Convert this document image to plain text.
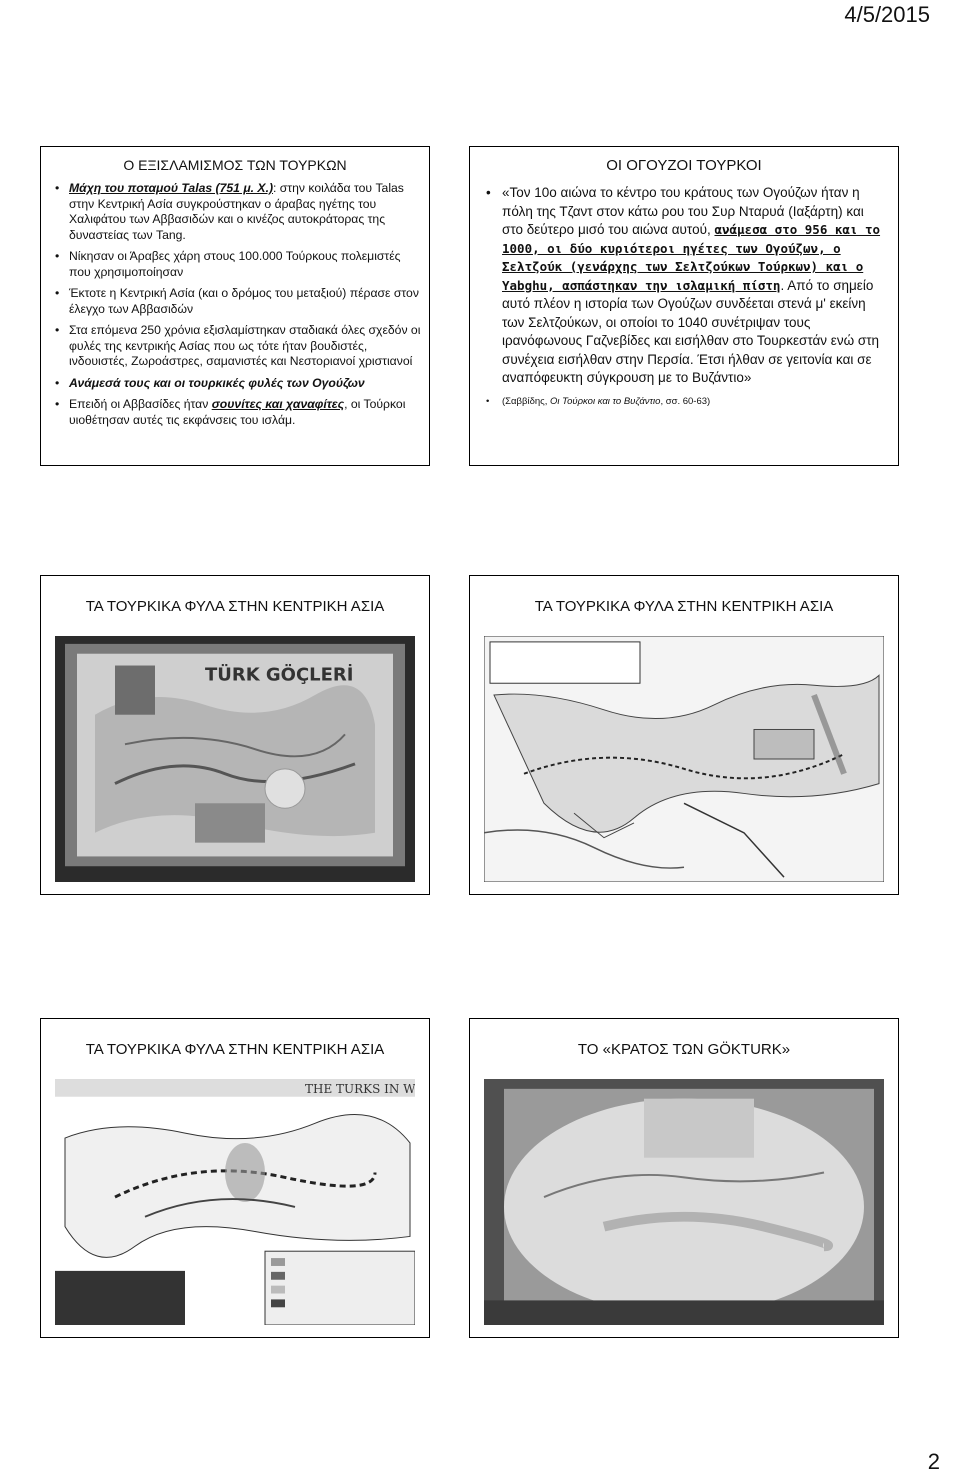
4/5/2015
Ο ΕΞΙΣΛΑΜΙΣΜΟΣ ΤΩΝ ΤΟΥΡΚΩΝ
• Μάχη του ποταμού Talas (751 μ. Χ.): στην κοιλάδα του Talas στην Κεντρική Ασία συγκρούστηκαν ο άραβας ηγέτης του Χαλιφάτου των Αββασιδών και ο κινέζος αυτοκράτορας της δυναστείας των Tang.
• Νίκησαν οι Άραβες χάρη στους 100.000 Τούρκους πολεμιστές που χρησιμοποίησαν
• Έκτοτε η Κεντρική Ασία (και ο δρόμος του μεταξιού) πέρασε στον έλεγχο των Αββασιδών
• Στα επόμενα 250 χρόνια εξισλαμίστηκαν σταδιακά όλες σχεδόν οι φυλές της κεντρικής Ασίας που ως τότε ήταν βουδιστές, ινδουιστές, Ζωροάστρες, σαμανιστές και Νεστοριανοί χριστιανοί
• Ανάμεσά τους και οι τουρκικές φυλές των Ογούζων
• Επειδή οι Αββασίδες ήταν σουνίτες και χαναφίτες, οι Τούρκοι υιοθέτησαν αυτές τις εκφάνσεις του ισλάμ.
ΟΙ ΟΓΟΥΖΟΙ ΤΟΥΡΚΟΙ
• «Τον 10ο αιώνα το κέντρο του κράτους των Ογούζων ήταν η πόλη της Τζαντ στον κάτω ρου του Συρ Νταρυά (Ιαξάρτη) και στο δεύτερο μισό του αιώνα αυτού, ανάμεσα στο 956 και το 1000, οι δύο κυριότεροι ηγέτες των Ογούζων, ο Σελτζούκ (γενάρχης των Σελτζούκων Τούρκων) και ο Yabghu, ασπάστηκαν την ισλαμική πίστη. Από το σημείο αυτό πλέον η ιστορία των Ογούζων συνδέεται στενά μ' εκείνη των Σελτζούκων, οι οποίοι το 1040 συνέτριψαν τους ιρανόφωνους Γαζνεβίδες και εισήλθαν στο Τουρκεστάν ενώ στη συνέχεια εισήλθαν στην Περσία. Έτσι ήλθαν σε γειτονία και σε αναπόφευκτη σύγκρουση με το Βυζάντιο»
• (Σαββίδης, Οι Τούρκοι και το Βυζάντιο, σσ. 60-63)
ΤΑ ΤΟΥΡΚΙΚΑ ΦΥΛΑ ΣΤΗΝ ΚΕΝΤΡΙΚΗ ΑΣΙΑ
TÜRK GÖÇLERİ
ΤΑ ΤΟΥΡΚΙΚΑ ΦΥΛΑ ΣΤΗΝ ΚΕΝΤΡΙΚΗ ΑΣΙΑ
ΤΑ ΤΟΥΡΚΙΚΑ ΦΥΛΑ ΣΤΗΝ ΚΕΝΤΡΙΚΗ ΑΣΙΑ
THE TURKS IN W
ΤΟ «ΚΡΑΤΟΣ ΤΩΝ GÖKTURK»
2
